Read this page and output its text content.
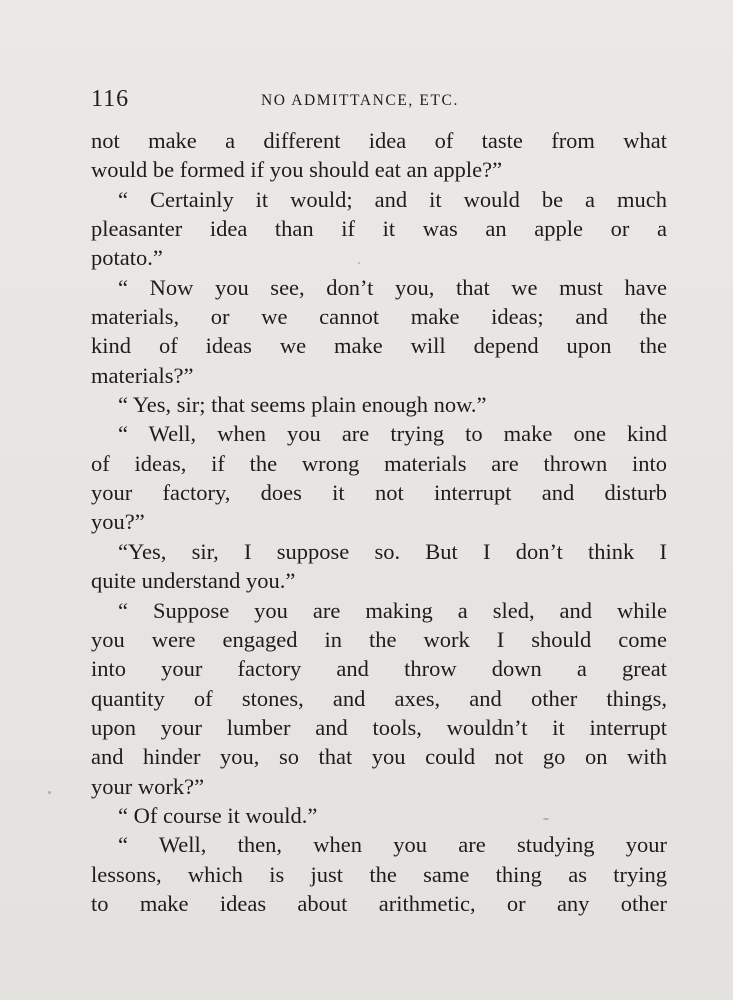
116	NO ADMITTANCE, ETC.
not make a different idea of taste from what
would be formed if you should eat an apple?”
“ Certainly it would; and it would be a much
pleasanter idea than if it was an apple or a
potato.”
“ Now you see, don’t you, that we must have
materials, or we cannot make ideas; and the
kind of ideas we make will depend upon the
materials?”
“ Yes, sir; that seems plain enough now.”
“ Well, when you are trying to make one kind
of ideas, if the wrong materials are thrown into
your factory, does it not interrupt and disturb
you?”
“Yes, sir, I suppose so. But I don’t think I
quite understand you.”
“ Suppose you are making a sled, and while
you were engaged in the work I should come
into your factory and throw down a great
quantity of stones, and axes, and other things,
upon your lumber and tools, wouldn’t it interrupt
and hinder you, so that you could not go on with
your work?”
“ Of course it would.”
“ Well, then, when you are studying your
lessons, which is just the same thing as trying
to make ideas about arithmetic, or any other
